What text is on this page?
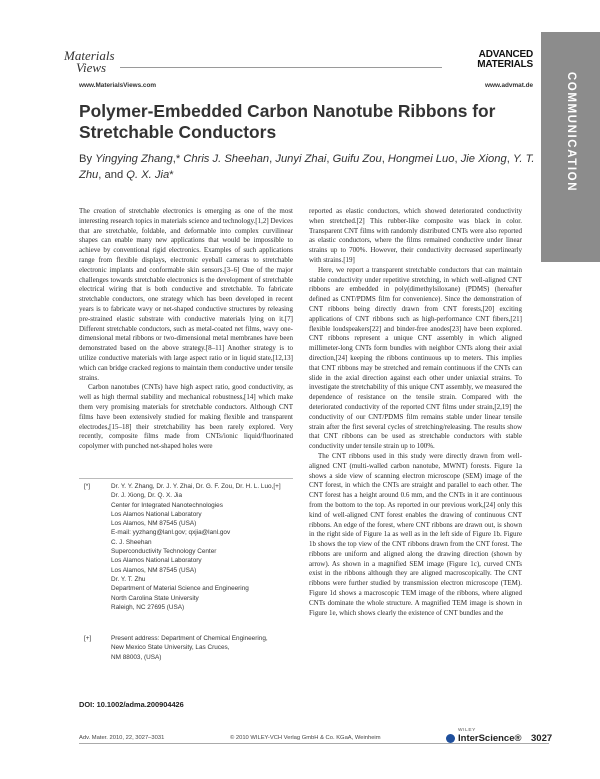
Materials
Views
ADVANCED
MATERIALS
www.MaterialsViews.com	www.advmat.de	COMMUNICATION
Polymer-Embedded Carbon Nanotube Ribbons for Stretchable Conductors

By Yingying Zhang,* Chris J. Sheehan, Junyi Zhai, Guifu Zou, Hongmei Luo, Jie Xiong, Y. T. Zhu, and Q. X. Jia*

The creation of stretchable electronics is emerging as one of the most interesting research topics in materials science and technology.[1,2] Devices that are stretchable, foldable, and deformable into complex curvilinear shapes can enable many new applications that would be impossible to achieve by conventional rigid electronics. Examples of such applications range from flexible displays, electronic eyeball cameras to stretchable electronic implants and conformable skin sensors.[3–6] One of the major challenges towards stretchable electronics is the development of stretchable electrical wiring that is both conductive and stretchable. To fabricate stretchable conductors, one strategy which has been developed in recent years is to fabricate wavy or net-shaped conductive structures by releasing pre-strained elastic substrate with conductive materials lying on it.[7] Different stretchable conductors, such as metal-coated net films, wavy one-dimensional metal ribbons or two-dimensional metal membranes have been demonstrated based on the above strategy.[8–11] Another strategy is to utilize conductive materials with large aspect ratio or in liquid state,[12,13] which can bridge cracked regions to maintain them conductive under tensile strains.

Carbon nanotubes (CNTs) have high aspect ratio, good conductivity, as well as high thermal stability and mechanical robustness,[14] which make them very promising materials for stretchable conductors. Although CNT films have been extensively studied for making flexible and transparent electrodes,[15–18] their stretchability has been rarely explored. Very recently, composite films made from CNTs/ionic liquid/fluorinated copolymer with punched net-shaped holes were

reported as elastic conductors, which showed deteriorated conductivity when stretched.[2] This rubber-like composite was black in color. Transparent CNT films with randomly distributed CNTs were also reported as elastic conductors, where the films remained conductive under linear strains up to 700%. However, their conductivity decreased superlinearly with strains.[19]

Here, we report a transparent stretchable conductors that can maintain stable conductivity under repetitive stretching, in which well-aligned CNT ribbons are embedded in poly(dimethylsiloxane) (PDMS) (hereafter defined as CNT/PDMS film for convenience). Since the demonstration of CNT ribbons being directly drawn from CNT forests,[20] exciting applications of CNT ribbons such as high-performance CNT fibers,[21] flexible loudspeakers[22] and binder-free anodes[23] have been explored. CNT ribbons represent a unique CNT assembly in which aligned millimeter-long CNTs form bundles with neighbor CNTs along their axial direction,[24] keeping the ribbons continuous up to meters. This implies that CNT ribbons may be stretched and remain continuous if the CNTs can slide in the axial direction against each other under uniaxial strains. To investigate the stretchability of this unique CNT assembly, we measured the dependence of resistance on the tensile strain. Compared with the deteriorated conductivity of the reported CNT films under strain,[2,19] the conductivity of our CNT/PDMS film remains stable under linear tensile strain after the first several cycles of stretching/releasing. The results show that CNT ribbons can be used as stretchable conductors with stable conductivity under tensile strain up to 100%.

The CNT ribbons used in this study were directly drawn from well-aligned CNT (multi-walled carbon nanotube, MWNT) forests. Figure 1a shows a side view of scanning electron microscope (SEM) image of the CNT forest, in which the CNTs are straight and parallel to each other. The CNT forest has a height around 0.6 mm, and the CNTs in it are continuous from the bottom to the top. As reported in our previous work,[24] only this kind of well-aligned CNT forest enables the drawing of continuous CNT ribbons. An edge of the forest, where CNT ribbons are drawn out, is shown in the right side of Figure 1a as well as in the left side of Figure 1b. Figure 1b shows the top view of the CNT ribbons drawn from the CNT forest. The ribbons are uniform and aligned along the drawing direction (shown by arrow). As shown in a magnified SEM image (Figure 1c), curved CNTs exist in the ribbons although they are aligned macroscopically. The CNT ribbons were further studied by transmission electron microscope (TEM). Figure 1d shows a macroscopic TEM image of the ribbons, where aligned CNTs dominate the whole structure. A magnified TEM image is shown in Figure 1e, which shows clearly the existence of CNT bundles and the

[*]	Dr. Y. Y. Zhang, Dr. J. Y. Zhai, Dr. G. F. Zou, Dr. H. L. Luo,[+]
Dr. J. Xiong, Dr. Q. X. Jia
Center for Integrated Nanotechnologies
Los Alamos National Laboratory
Los Alamos, NM 87545 (USA)
E-mail: yyzhang@lanl.gov; qxjia@lanl.gov
C. J. Sheehan
Superconductivity Technology Center
Los Alamos National Laboratory
Los Alamos, NM 87545 (USA)
Dr. Y. T. Zhu
Department of Material Science and Engineering
North Carolina State University
Raleigh, NC 27695 (USA)
[+]	Present address: Department of Chemical Engineering,
New Mexico State University, Las Cruces,
NM 88003, (USA)
DOI: 10.1002/adma.200904426
Adv. Mater. 2010, 22, 3027–3031	© 2010 WILEY-VCH Verlag GmbH & Co. KGaA, Weinheim
WILEY
InterScience® 3027
